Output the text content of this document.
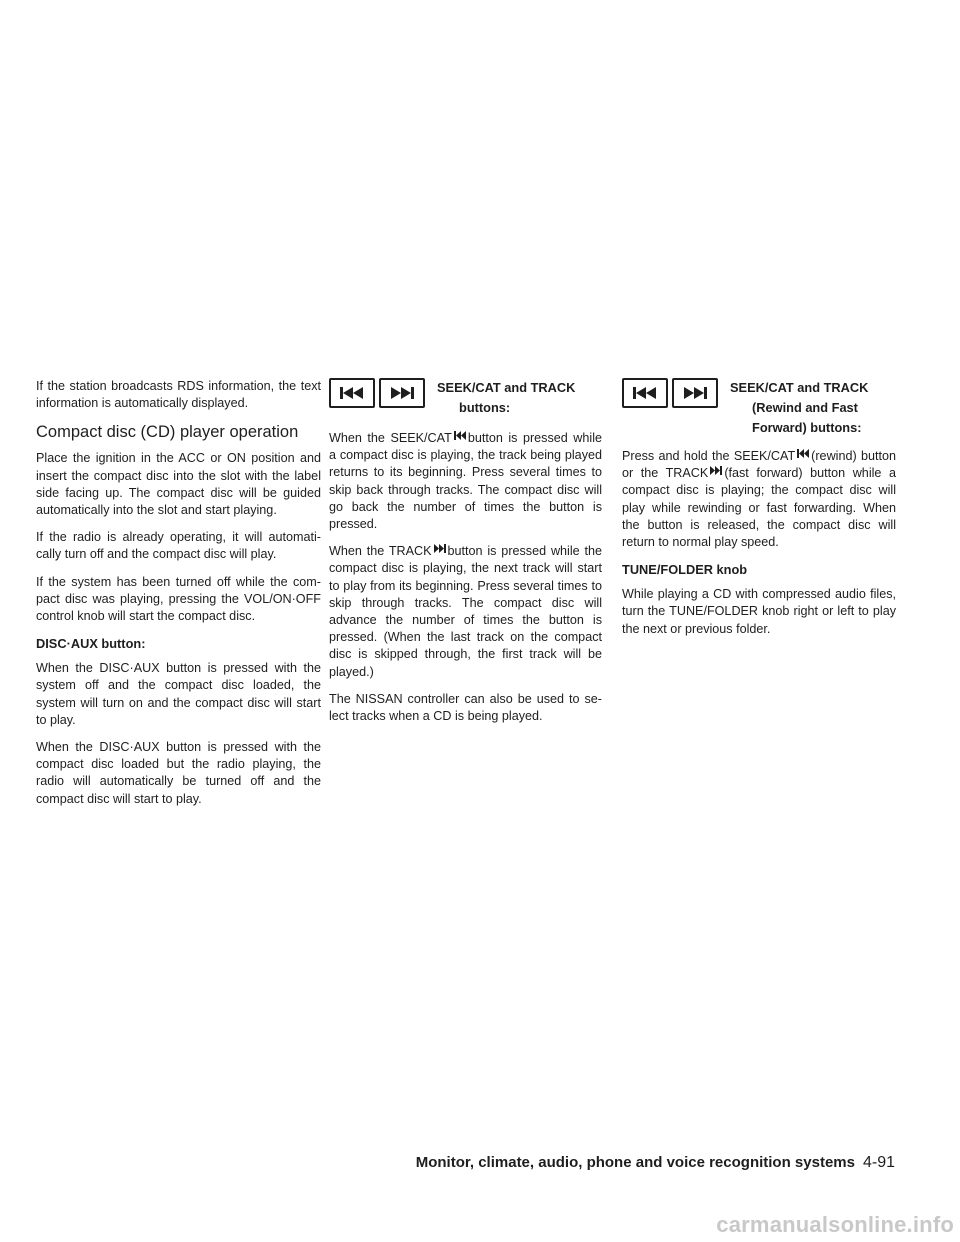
If the station broadcasts RDS information, the text information is automatically displayed.

Compact disc (CD) player operation

Place the ignition in the ACC or ON position and insert the compact disc into the slot with the label side facing up. The compact disc will be guided automatically into the slot and start playing.

If the radio is already operating, it will automati-cally turn off and the compact disc will play.

If the system has been turned off while the com-pact disc was playing, pressing the VOL/ON·OFF control knob will start the compact disc.

DISC·AUX button:

When the DISC·AUX button is pressed with the system off and the compact disc loaded, the system will turn on and the compact disc will start to play.

When the DISC·AUX button is pressed with the compact disc loaded but the radio playing, the radio will automatically be turned off and the compact disc will start to play.

SEEK/CAT and TRACK
buttons:

When the SEEK/CAT button is pressed while a compact disc is playing, the track being played returns to its beginning. Press several times to skip back through tracks. The compact disc will go back the number of times the button is pressed.

When the TRACK button is pressed while the compact disc is playing, the next track will start to play from its beginning. Press several times to skip through tracks. The compact disc will advance the number of times the button is pressed. (When the last track on the compact disc is skipped through, the first track will be played.)

The NISSAN controller can also be used to se-lect tracks when a CD is being played.

SEEK/CAT and TRACK
(Rewind and Fast
Forward) buttons:

Press and hold the SEEK/CAT (rewind) button or the TRACK (fast forward) button while a compact disc is playing; the compact disc will play while rewinding or fast forwarding. When the button is released, the compact disc will return to normal play speed.

TUNE/FOLDER knob

While playing a CD with compressed audio files, turn the TUNE/FOLDER knob right or left to play the next or previous folder.

Monitor, climate, audio, phone and voice recognition systems 4-91
carmanualsonline.info
